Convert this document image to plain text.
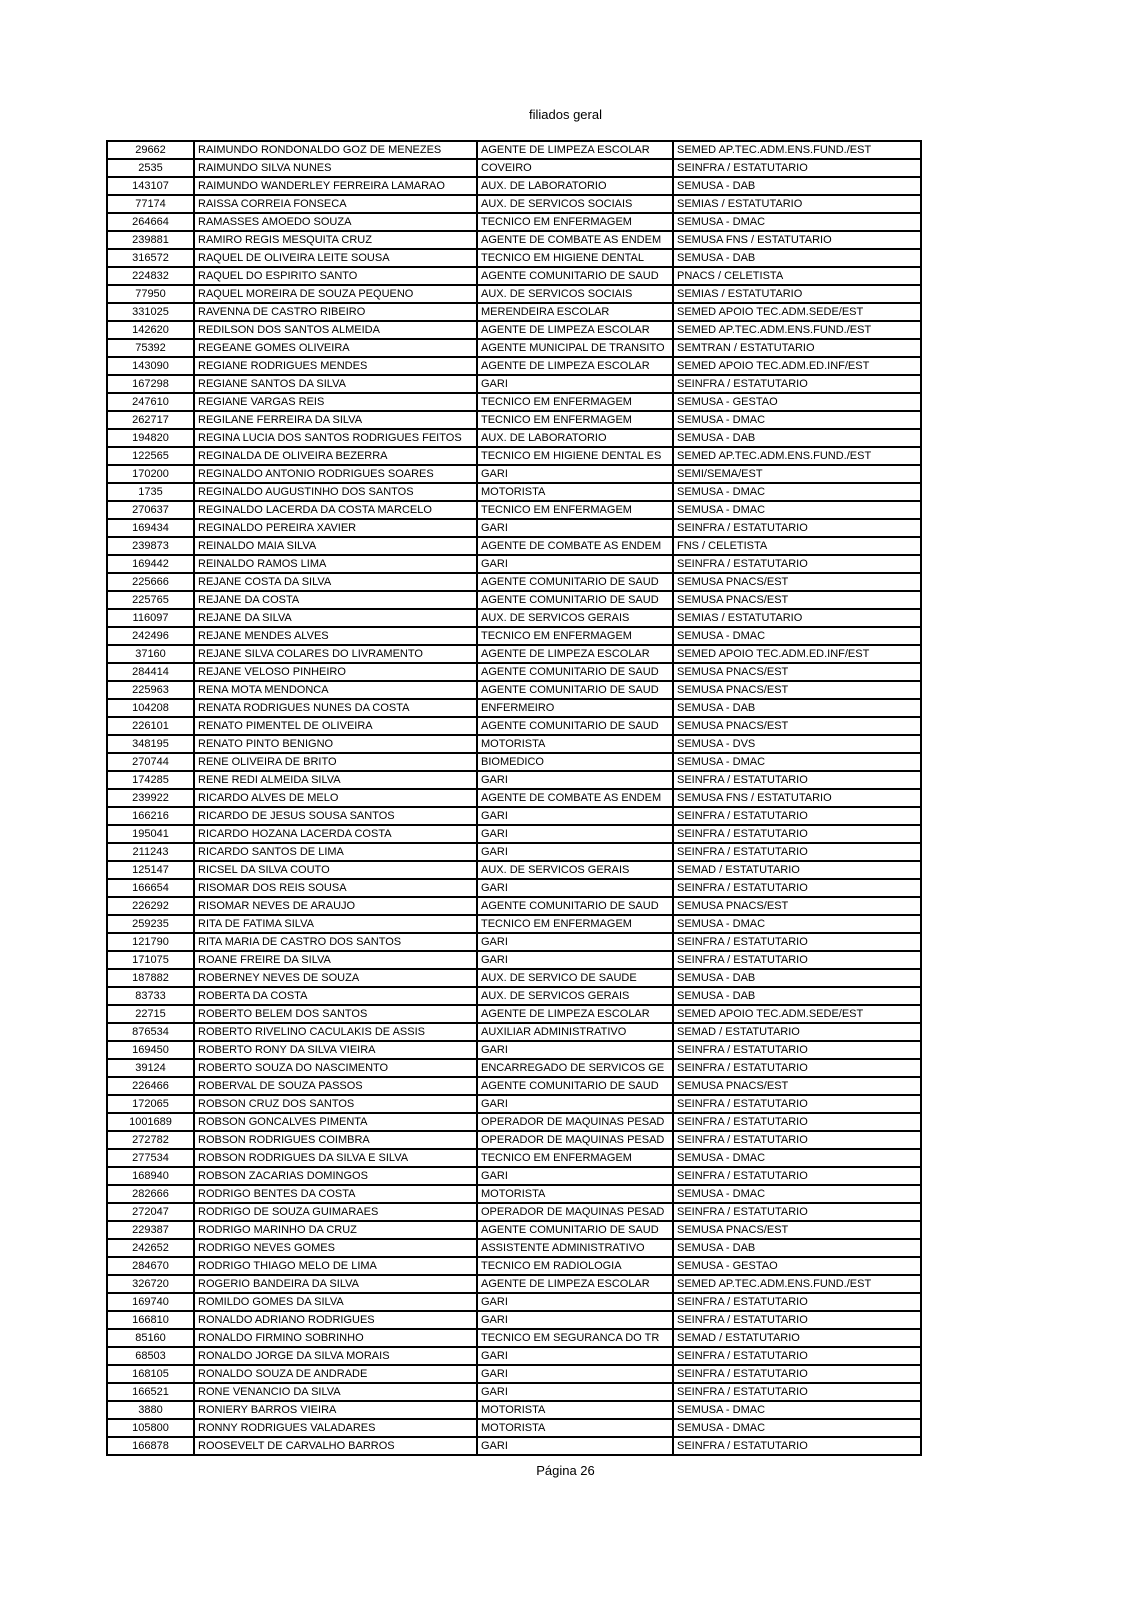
filiados geral
29662	RAIMUNDO RONDONALDO GOZ DE MENEZES	AGENTE DE LIMPEZA ESCOLAR	SEMED AP.TEC.ADM.ENS.FUND./EST
2535	RAIMUNDO SILVA NUNES	COVEIRO	SEINFRA / ESTATUTARIO
143107	RAIMUNDO WANDERLEY FERREIRA LAMARAO	AUX. DE LABORATORIO	SEMUSA - DAB
77174	RAISSA CORREIA FONSECA	AUX. DE SERVICOS SOCIAIS	SEMIAS / ESTATUTARIO
264664	RAMASSES AMOEDO SOUZA	TECNICO EM ENFERMAGEM	SEMUSA - DMAC
239881	RAMIRO REGIS MESQUITA CRUZ	AGENTE DE COMBATE AS ENDEM	SEMUSA FNS / ESTATUTARIO
316572	RAQUEL DE OLIVEIRA LEITE SOUSA	TECNICO EM HIGIENE DENTAL	SEMUSA - DAB
224832	RAQUEL DO ESPIRITO SANTO	AGENTE COMUNITARIO DE SAUD	PNACS / CELETISTA
77950	RAQUEL MOREIRA DE SOUZA PEQUENO	AUX. DE SERVICOS SOCIAIS	SEMIAS / ESTATUTARIO
331025	RAVENNA DE CASTRO RIBEIRO	MERENDEIRA ESCOLAR	SEMED APOIO TEC.ADM.SEDE/EST
142620	REDILSON DOS SANTOS ALMEIDA	AGENTE DE LIMPEZA ESCOLAR	SEMED AP.TEC.ADM.ENS.FUND./EST
75392	REGEANE GOMES OLIVEIRA	AGENTE MUNICIPAL DE TRANSITO	SEMTRAN / ESTATUTARIO
143090	REGIANE RODRIGUES MENDES	AGENTE DE LIMPEZA ESCOLAR	SEMED APOIO TEC.ADM.ED.INF/EST
167298	REGIANE SANTOS DA SILVA	GARI	SEINFRA / ESTATUTARIO
247610	REGIANE VARGAS REIS	TECNICO EM ENFERMAGEM	SEMUSA - GESTAO
262717	REGILANE FERREIRA DA SILVA	TECNICO EM ENFERMAGEM	SEMUSA - DMAC
194820	REGINA LUCIA DOS SANTOS RODRIGUES FEITOS	AUX. DE LABORATORIO	SEMUSA - DAB
122565	REGINALDA DE OLIVEIRA BEZERRA	TECNICO EM HIGIENE DENTAL ES	SEMED AP.TEC.ADM.ENS.FUND./EST
170200	REGINALDO ANTONIO RODRIGUES SOARES	GARI	SEMI/SEMA/EST
1735	REGINALDO AUGUSTINHO DOS SANTOS	MOTORISTA	SEMUSA - DMAC
270637	REGINALDO LACERDA DA COSTA MARCELO	TECNICO EM ENFERMAGEM	SEMUSA - DMAC
169434	REGINALDO PEREIRA XAVIER	GARI	SEINFRA / ESTATUTARIO
239873	REINALDO MAIA SILVA	AGENTE DE COMBATE AS ENDEM	FNS / CELETISTA
169442	REINALDO RAMOS LIMA	GARI	SEINFRA / ESTATUTARIO
225666	REJANE COSTA DA SILVA	AGENTE COMUNITARIO DE SAUD	SEMUSA PNACS/EST
225765	REJANE DA COSTA	AGENTE COMUNITARIO DE SAUD	SEMUSA PNACS/EST
116097	REJANE DA SILVA	AUX. DE SERVICOS GERAIS	SEMIAS / ESTATUTARIO
242496	REJANE MENDES ALVES	TECNICO EM ENFERMAGEM	SEMUSA - DMAC
37160	REJANE SILVA COLARES DO LIVRAMENTO	AGENTE DE LIMPEZA ESCOLAR	SEMED APOIO TEC.ADM.ED.INF/EST
284414	REJANE VELOSO PINHEIRO	AGENTE COMUNITARIO DE SAUD	SEMUSA PNACS/EST
225963	RENA MOTA MENDONCA	AGENTE COMUNITARIO DE SAUD	SEMUSA PNACS/EST
104208	RENATA RODRIGUES NUNES DA COSTA	ENFERMEIRO	SEMUSA - DAB
226101	RENATO PIMENTEL DE OLIVEIRA	AGENTE COMUNITARIO DE SAUD	SEMUSA PNACS/EST
348195	RENATO PINTO BENIGNO	MOTORISTA	SEMUSA - DVS
270744	RENE OLIVEIRA DE BRITO	BIOMEDICO	SEMUSA - DMAC
174285	RENE REDI ALMEIDA SILVA	GARI	SEINFRA / ESTATUTARIO
239922	RICARDO ALVES DE MELO	AGENTE DE COMBATE AS ENDEM	SEMUSA FNS / ESTATUTARIO
166216	RICARDO DE JESUS SOUSA SANTOS	GARI	SEINFRA / ESTATUTARIO
195041	RICARDO HOZANA LACERDA COSTA	GARI	SEINFRA / ESTATUTARIO
211243	RICARDO SANTOS DE LIMA	GARI	SEINFRA / ESTATUTARIO
125147	RICSEL DA SILVA COUTO	AUX. DE SERVICOS GERAIS	SEMAD / ESTATUTARIO
166654	RISOMAR DOS REIS SOUSA	GARI	SEINFRA / ESTATUTARIO
226292	RISOMAR NEVES DE ARAUJO	AGENTE COMUNITARIO DE SAUD	SEMUSA PNACS/EST
259235	RITA DE FATIMA SILVA	TECNICO EM ENFERMAGEM	SEMUSA - DMAC
121790	RITA MARIA DE CASTRO DOS SANTOS	GARI	SEINFRA / ESTATUTARIO
171075	ROANE FREIRE DA SILVA	GARI	SEINFRA / ESTATUTARIO
187882	ROBERNEY NEVES DE SOUZA	AUX. DE SERVICO DE SAUDE	SEMUSA - DAB
83733	ROBERTA DA COSTA	AUX. DE SERVICOS GERAIS	SEMUSA - DAB
22715	ROBERTO BELEM DOS SANTOS	AGENTE DE LIMPEZA ESCOLAR	SEMED APOIO TEC.ADM.SEDE/EST
876534	ROBERTO RIVELINO CACULAKIS DE ASSIS	AUXILIAR ADMINISTRATIVO	SEMAD / ESTATUTARIO
169450	ROBERTO RONY DA SILVA VIEIRA	GARI	SEINFRA / ESTATUTARIO
39124	ROBERTO SOUZA DO NASCIMENTO	ENCARREGADO DE SERVICOS GE	SEINFRA / ESTATUTARIO
226466	ROBERVAL DE SOUZA PASSOS	AGENTE COMUNITARIO DE SAUD	SEMUSA PNACS/EST
172065	ROBSON CRUZ DOS SANTOS	GARI	SEINFRA / ESTATUTARIO
1001689	ROBSON GONCALVES PIMENTA	OPERADOR DE MAQUINAS PESAD	SEINFRA / ESTATUTARIO
272782	ROBSON RODRIGUES COIMBRA	OPERADOR DE MAQUINAS PESAD	SEINFRA / ESTATUTARIO
277534	ROBSON RODRIGUES DA SILVA E SILVA	TECNICO EM ENFERMAGEM	SEMUSA - DMAC
168940	ROBSON ZACARIAS DOMINGOS	GARI	SEINFRA / ESTATUTARIO
282666	RODRIGO BENTES DA COSTA	MOTORISTA	SEMUSA - DMAC
272047	RODRIGO DE SOUZA GUIMARAES	OPERADOR DE MAQUINAS PESAD	SEINFRA / ESTATUTARIO
229387	RODRIGO MARINHO DA CRUZ	AGENTE COMUNITARIO DE SAUD	SEMUSA PNACS/EST
242652	RODRIGO NEVES GOMES	ASSISTENTE ADMINISTRATIVO	SEMUSA - DAB
284670	RODRIGO THIAGO MELO DE LIMA	TECNICO EM RADIOLOGIA	SEMUSA - GESTAO
326720	ROGERIO BANDEIRA DA SILVA	AGENTE DE LIMPEZA ESCOLAR	SEMED AP.TEC.ADM.ENS.FUND./EST
169740	ROMILDO GOMES DA SILVA	GARI	SEINFRA / ESTATUTARIO
166810	RONALDO ADRIANO RODRIGUES	GARI	SEINFRA / ESTATUTARIO
85160	RONALDO FIRMINO SOBRINHO	TECNICO EM SEGURANCA DO TR	SEMAD / ESTATUTARIO
68503	RONALDO JORGE DA SILVA MORAIS	GARI	SEINFRA / ESTATUTARIO
168105	RONALDO SOUZA DE ANDRADE	GARI	SEINFRA / ESTATUTARIO
166521	RONE VENANCIO DA SILVA	GARI	SEINFRA / ESTATUTARIO
3880	RONIERY BARROS VIEIRA	MOTORISTA	SEMUSA - DMAC
105800	RONNY RODRIGUES VALADARES	MOTORISTA	SEMUSA - DMAC
166878	ROOSEVELT DE CARVALHO BARROS	GARI	SEINFRA / ESTATUTARIO
Página 26
